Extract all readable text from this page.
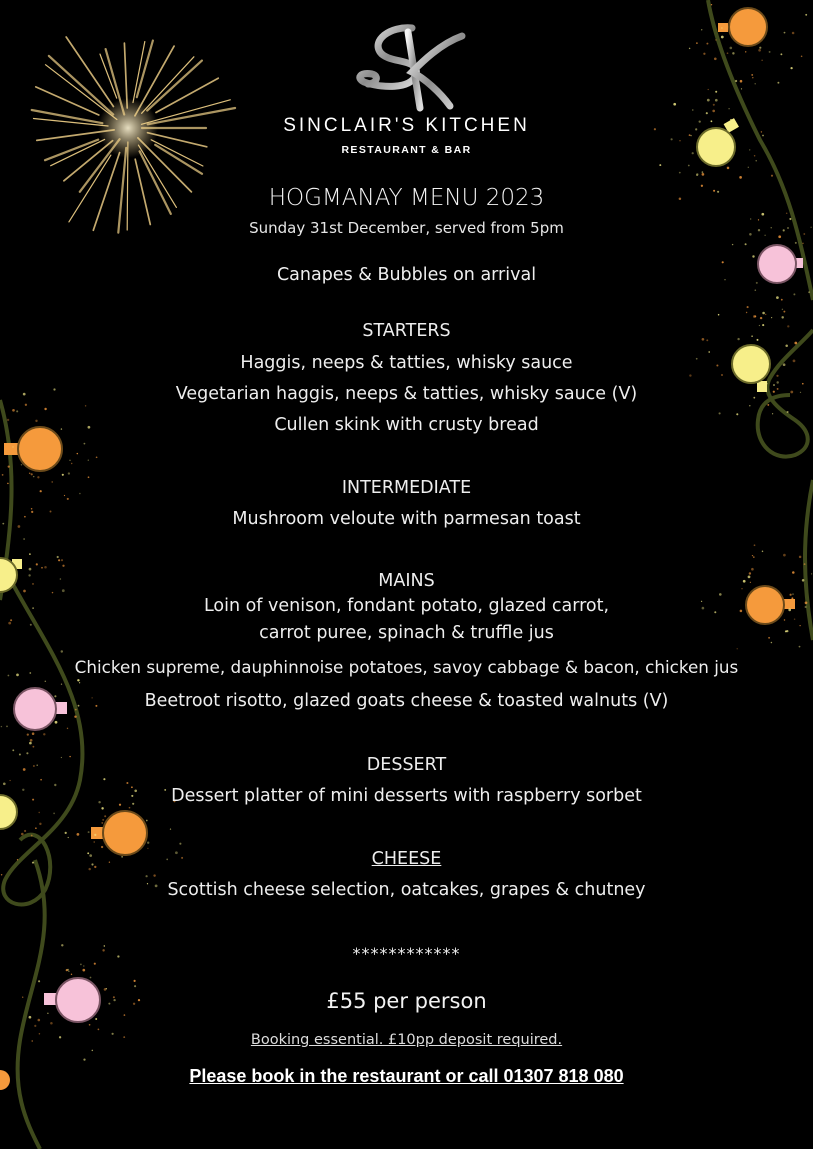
SINCLAIR'S KITCHEN
RESTAURANT & BAR
HOGMANAY MENU 2023
Sunday 31st December, served from 5pm
Canapes & Bubbles on arrival
STARTERS
Haggis, neeps & tatties, whisky sauce
Vegetarian haggis, neeps & tatties, whisky sauce (V)
Cullen skink with crusty bread
INTERMEDIATE
Mushroom veloute with parmesan toast
MAINS
Loin of venison, fondant potato, glazed carrot,
carrot puree, spinach & truffle jus
Chicken supreme, dauphinnoise potatoes, savoy cabbage & bacon, chicken jus
Beetroot risotto, glazed goats cheese & toasted walnuts (V)
DESSERT
Dessert platter of mini desserts with raspberry sorbet
CHEESE
Scottish cheese selection, oatcakes, grapes & chutney
************
£55 per person
Booking essential. £10pp deposit required.
Please book in the restaurant or call 01307 818 080
